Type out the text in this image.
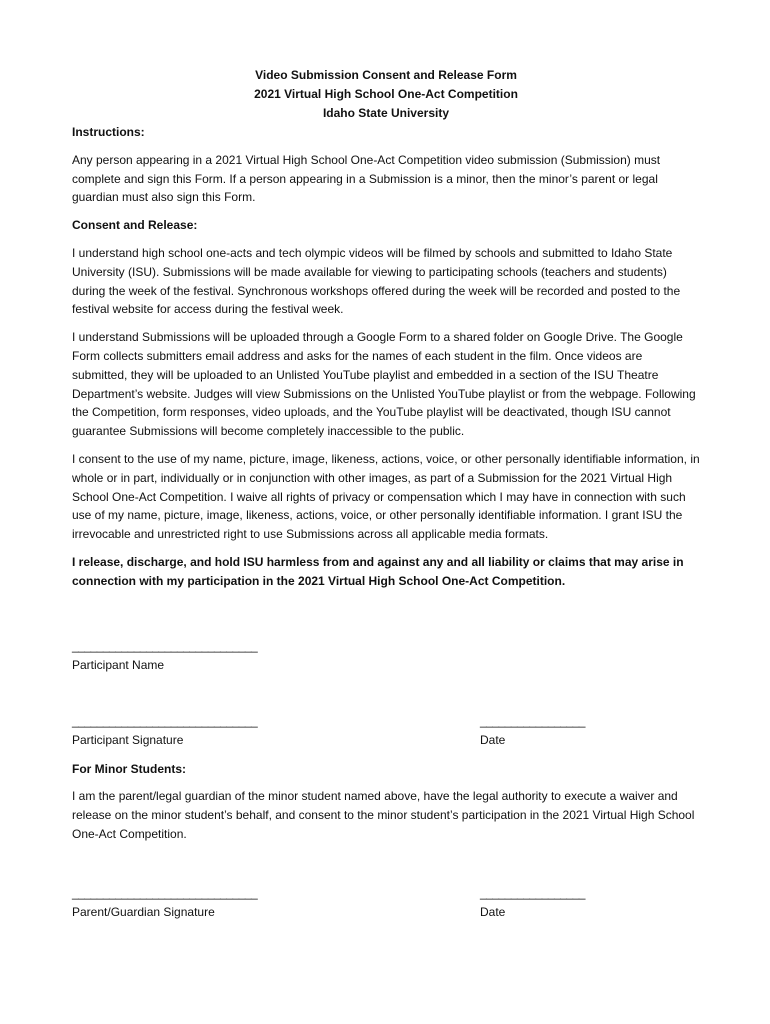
Video Submission Consent and Release Form

2021 Virtual High School One-Act Competition

Idaho State University

Instructions:

Any person appearing in a 2021 Virtual High School One-Act Competition video submission (Submission) must complete and sign this Form. If a person appearing in a Submission is a minor, then the minor’s parent or legal guardian must also sign this Form.

Consent and Release:

I understand high school one-acts and tech olympic videos will be filmed by schools and submitted to Idaho State University (ISU). Submissions will be made available for viewing to participating schools (teachers and students) during the week of the festival. Synchronous workshops offered during the week will be recorded and posted to the festival website for access during the festival week.

I understand Submissions will be uploaded through a Google Form to a shared folder on Google Drive. The Google Form collects submitters email address and asks for the names of each student in the film. Once videos are submitted, they will be uploaded to an Unlisted YouTube playlist and embedded in a section of the ISU Theatre Department’s website. Judges will view Submissions on the Unlisted YouTube playlist or from the webpage. Following the Competition, form responses, video uploads, and the YouTube playlist will be deactivated, though ISU cannot guarantee Submissions will become completely inaccessible to the public.

I consent to the use of my name, picture, image, likeness, actions, voice, or other personally identifiable information, in whole or in part, individually or in conjunction with other images, as part of a Submission for the 2021 Virtual High School One-Act Competition. I waive all rights of privacy or compensation which I may have in connection with such use of my name, picture, image, likeness, actions, voice, or other personally identifiable information. I grant ISU the irrevocable and unrestricted right to use Submissions across all applicable media formats.

I release, discharge, and hold ISU harmless from and against any and all liability or claims that may arise in connection with my participation in the 2021 Virtual High School One-Act Competition.

______________________________
Participant Name
______________________________
Participant Signature
_________________
Date

For Minor Students:

I am the parent/legal guardian of the minor student named above, have the legal authority to execute a waiver and release on the minor student’s behalf, and consent to the minor student’s participation in the 2021 Virtual High School One-Act Competition.

______________________________
Parent/Guardian Signature
_________________
Date
